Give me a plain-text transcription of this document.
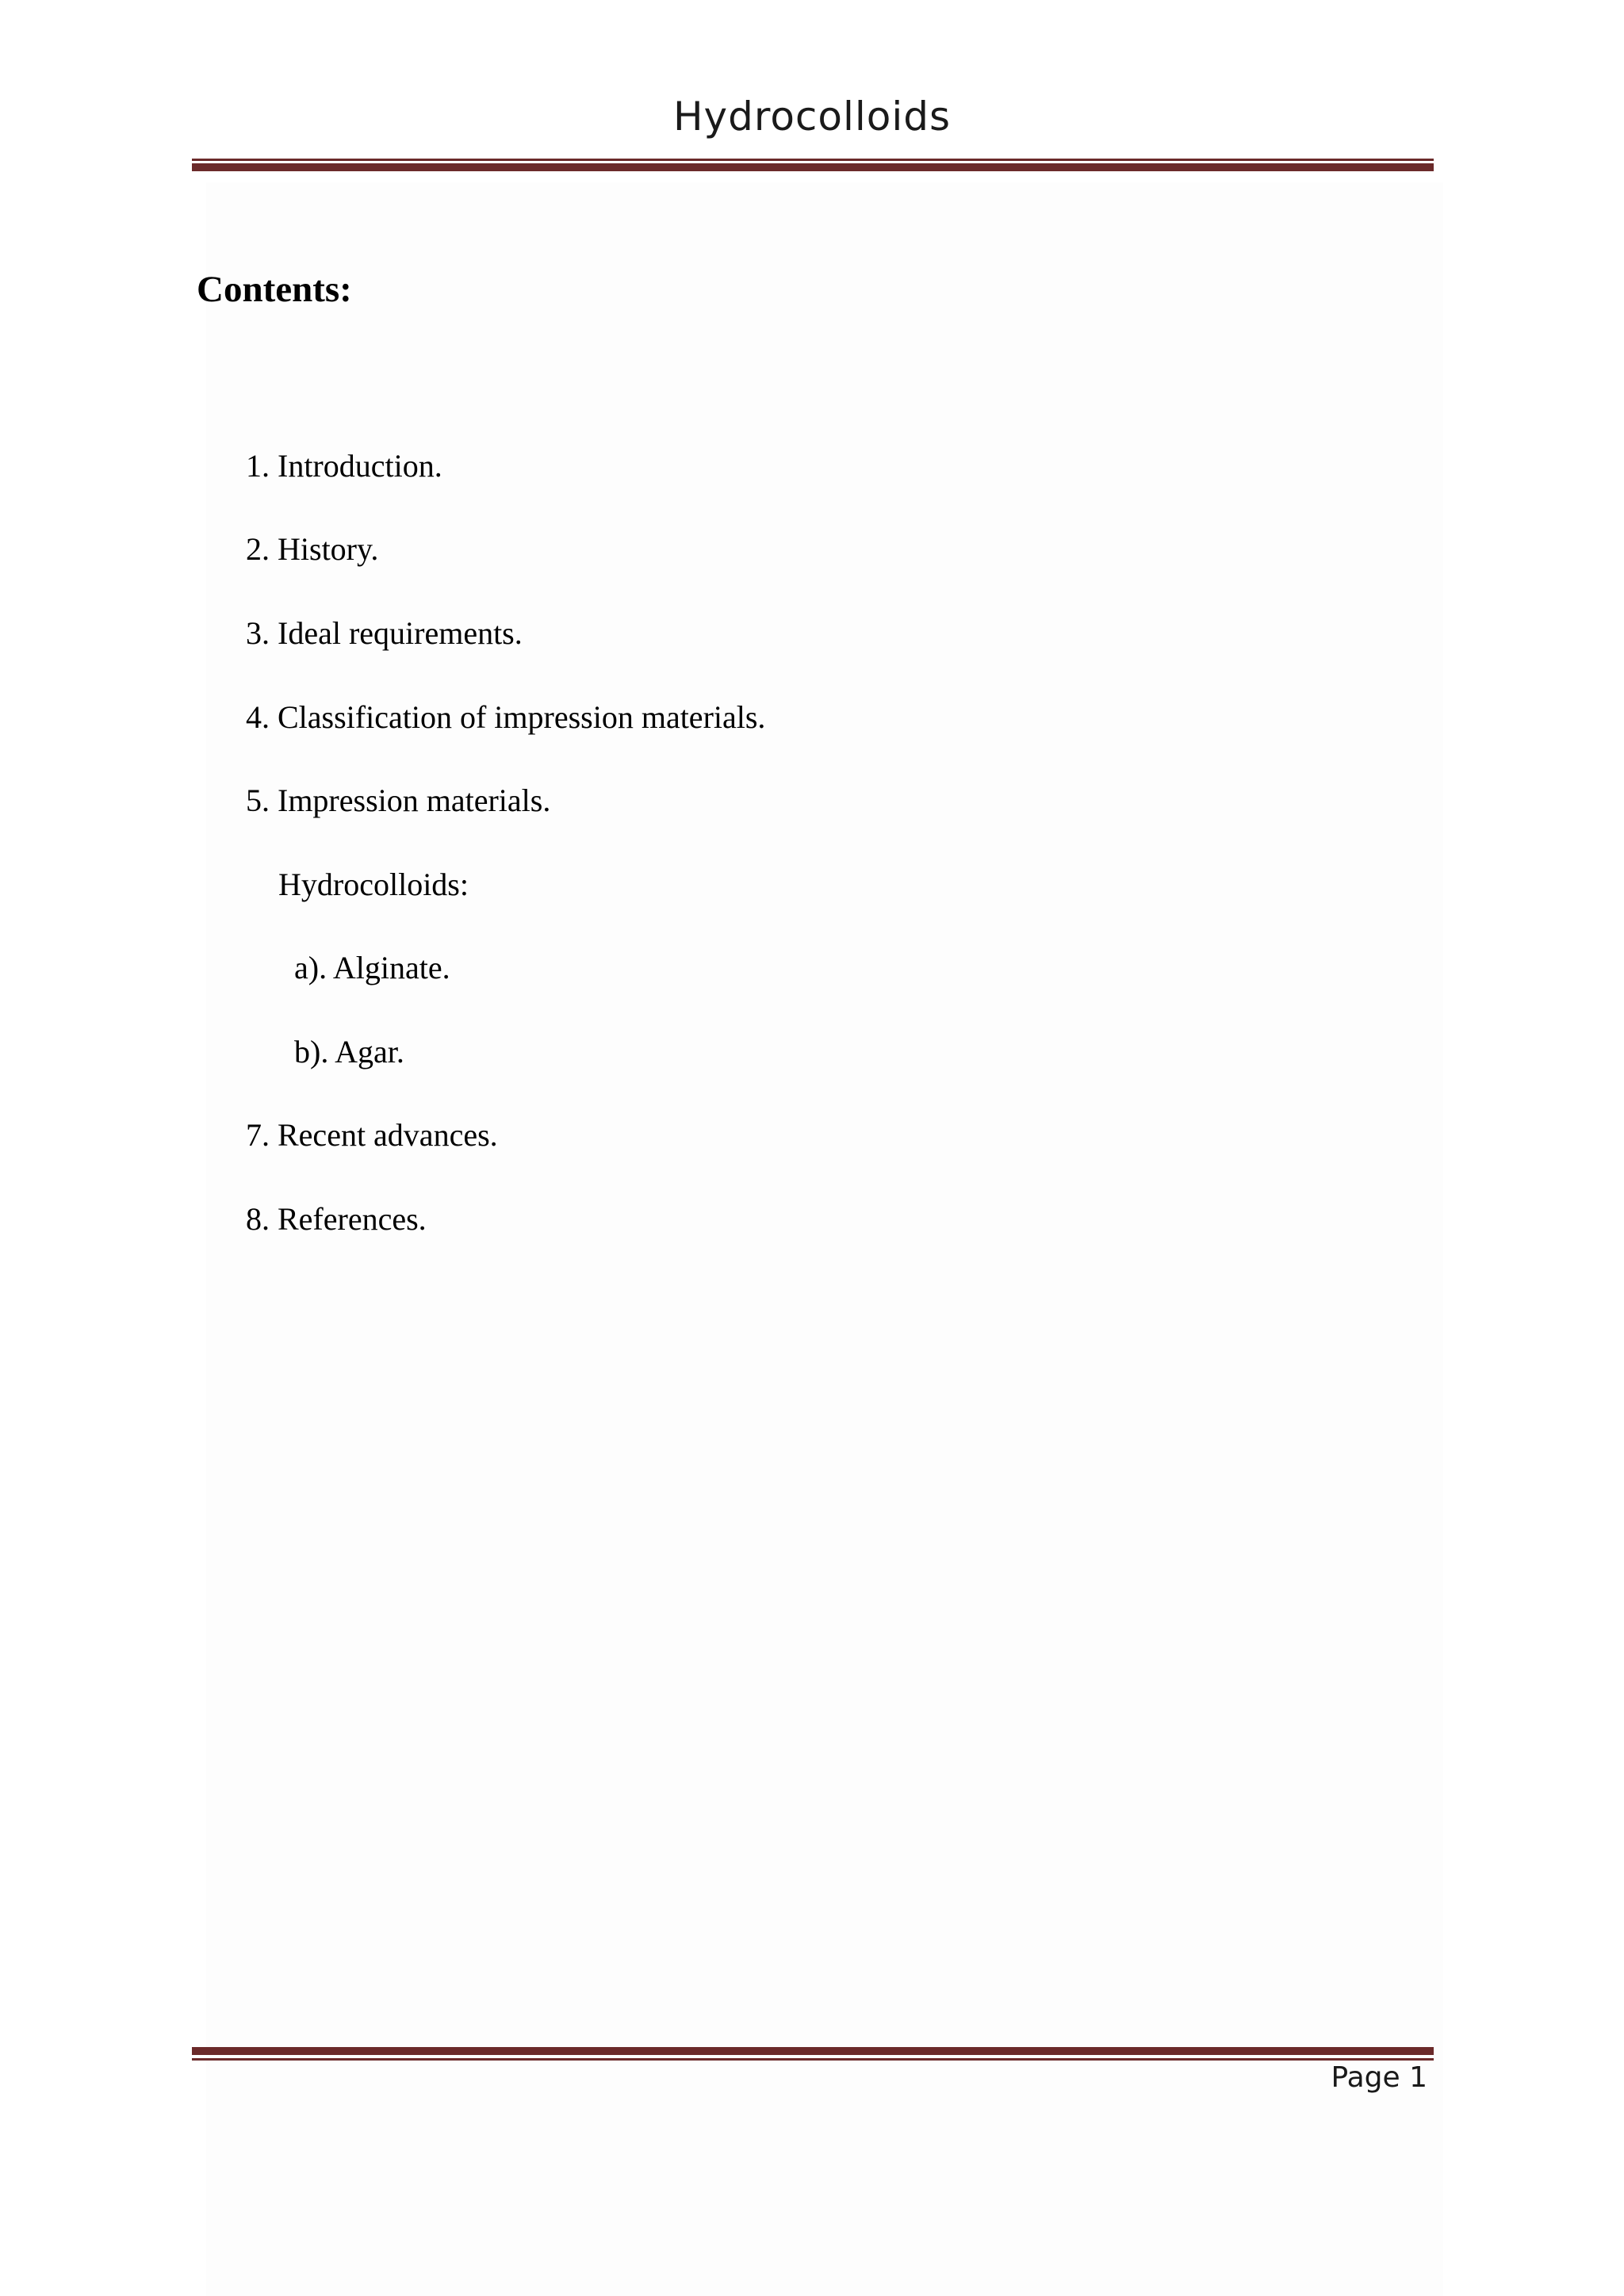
Hydrocolloids
Contents:
1. Introduction.
2. History.
3. Ideal requirements.
4. Classification of impression materials.
5. Impression materials.
Hydrocolloids:
a). Alginate.
b). Agar.
7. Recent advances.
8. References.
Page 1
